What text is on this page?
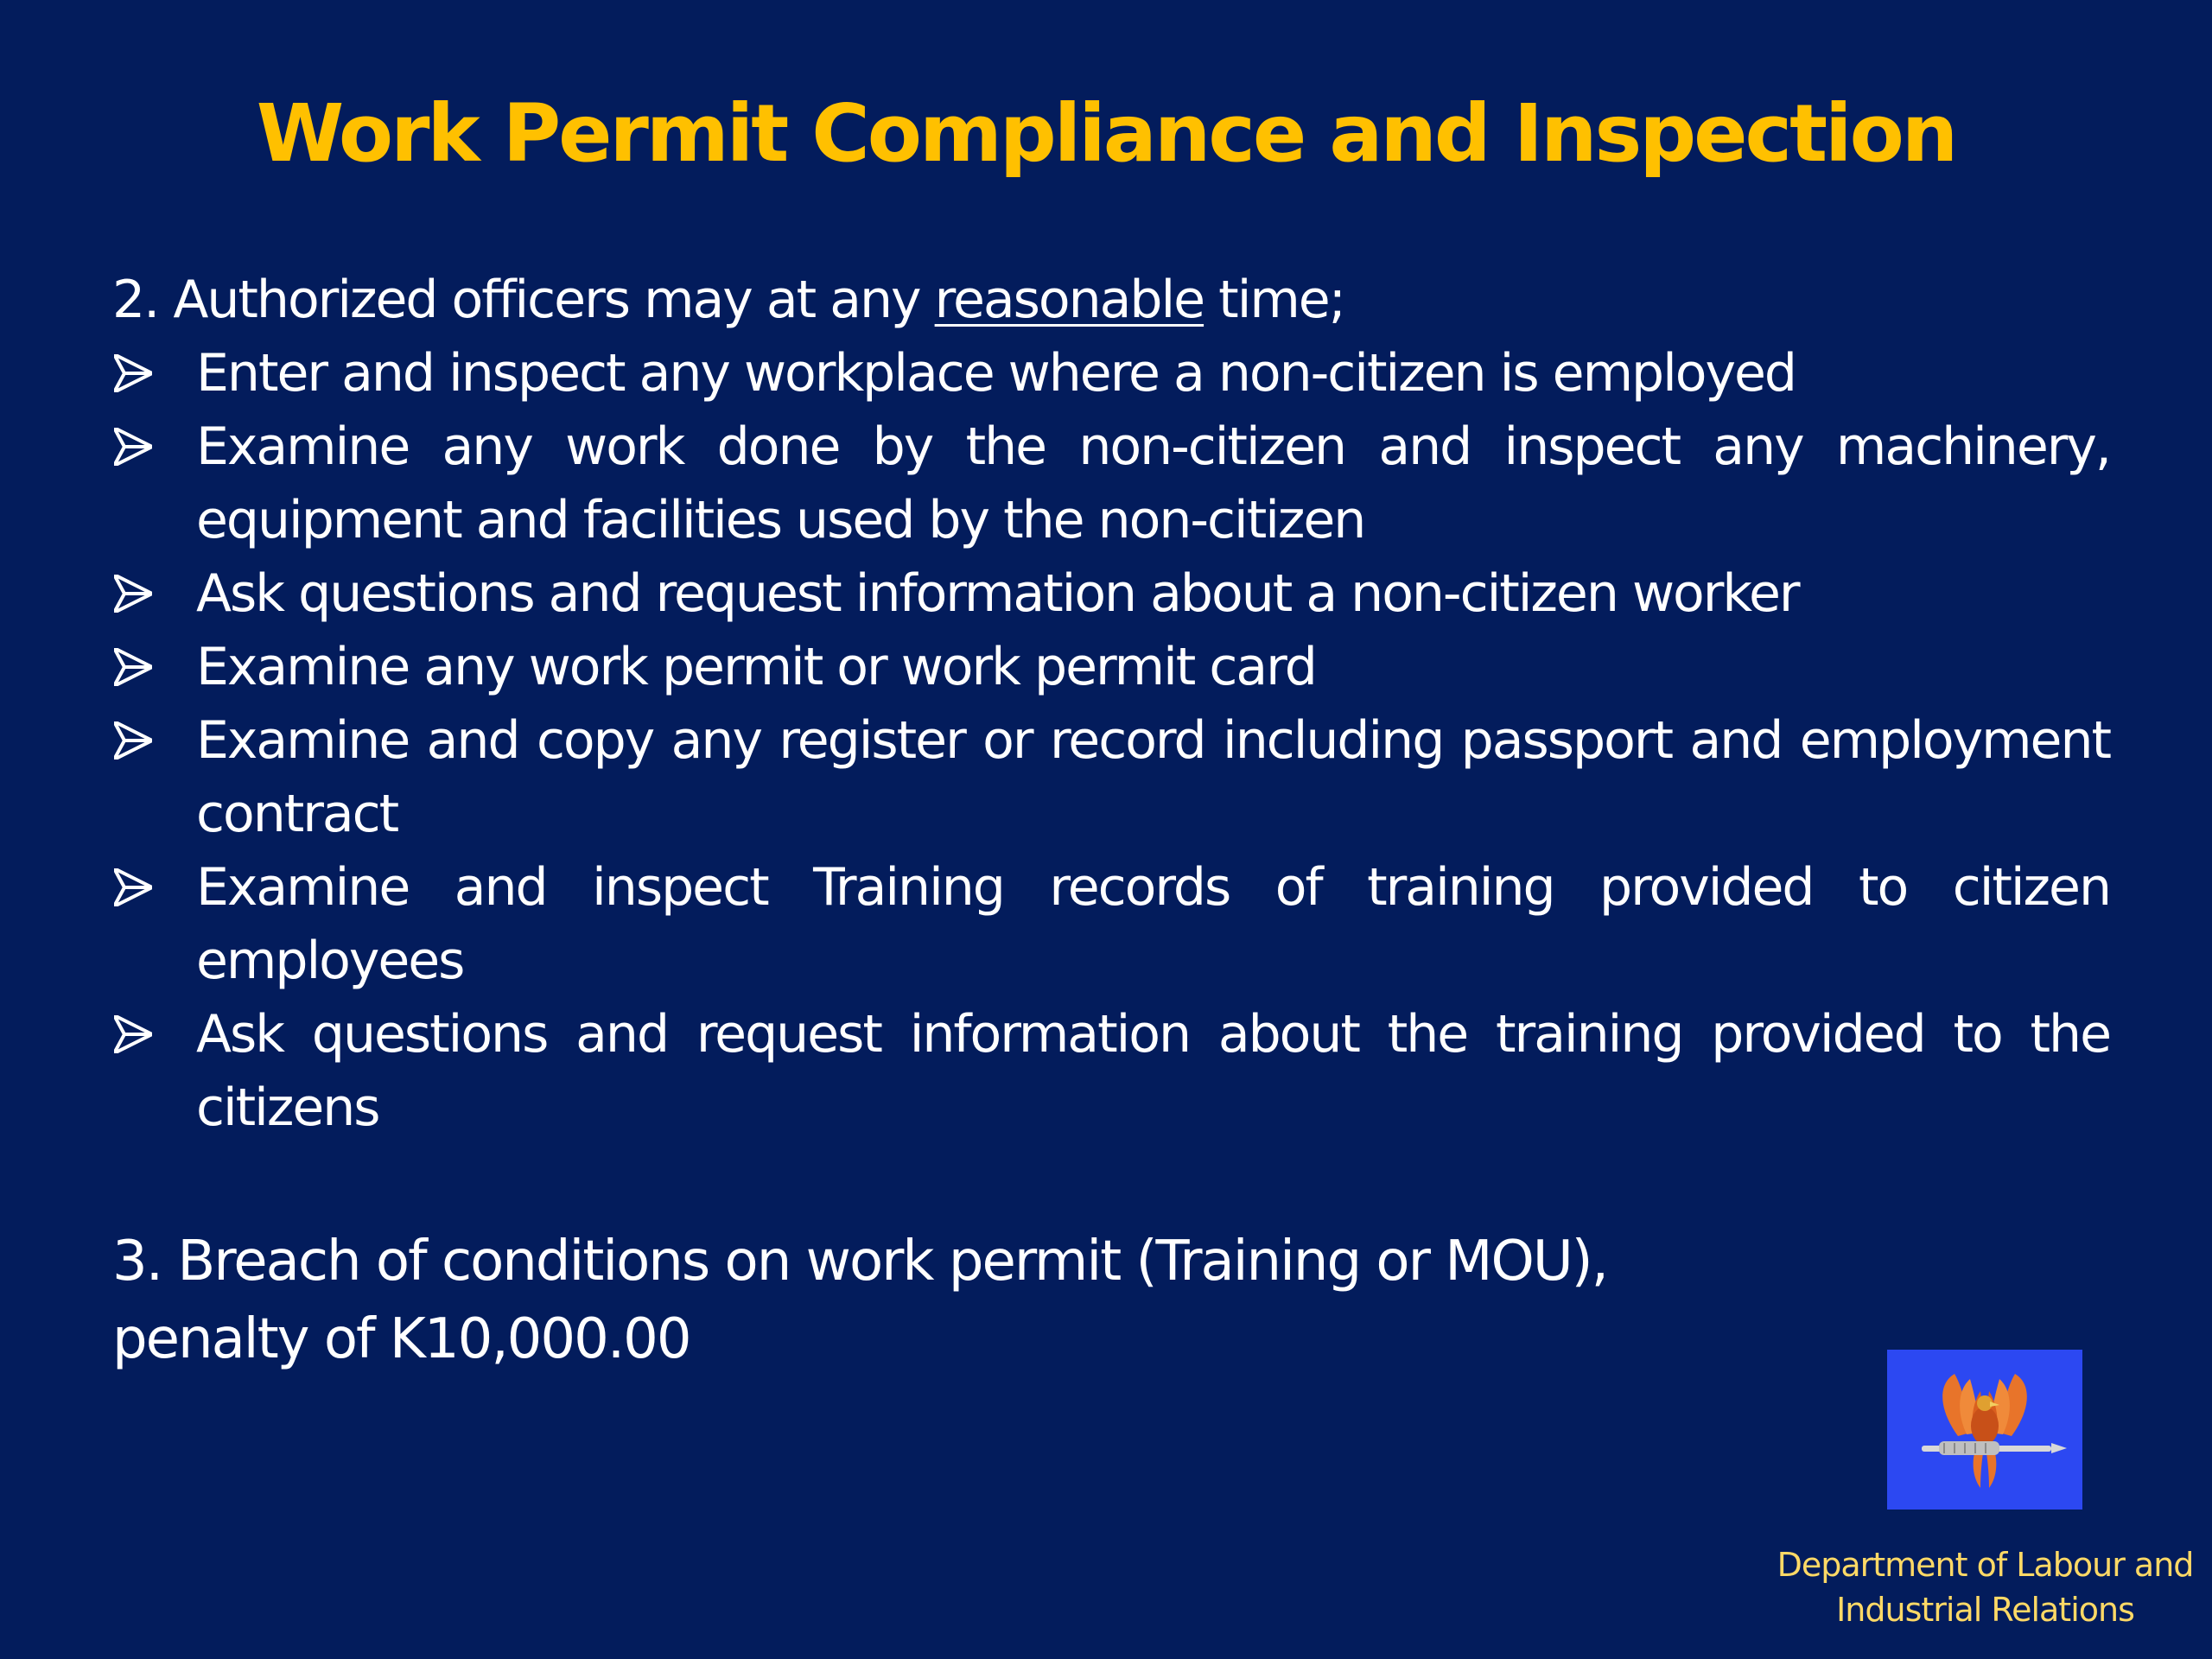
Work Permit Compliance and Inspection
2. Authorized officers may at any reasonable time;
Enter and inspect any workplace where a non-citizen is employed
Examine any work done by the non-citizen and inspect any machinery, equipment and facilities used by the non-citizen
Ask questions and request information about a non-citizen worker
Examine any work permit or work permit card
Examine and copy any register or record including passport and employment contract
Examine and inspect Training records of training provided to citizen employees
Ask questions and request information about the training provided to the citizens
3. Breach of conditions on work permit (Training or MOU),
penalty of K10,000.00
Department of Labour and
Industrial Relations
